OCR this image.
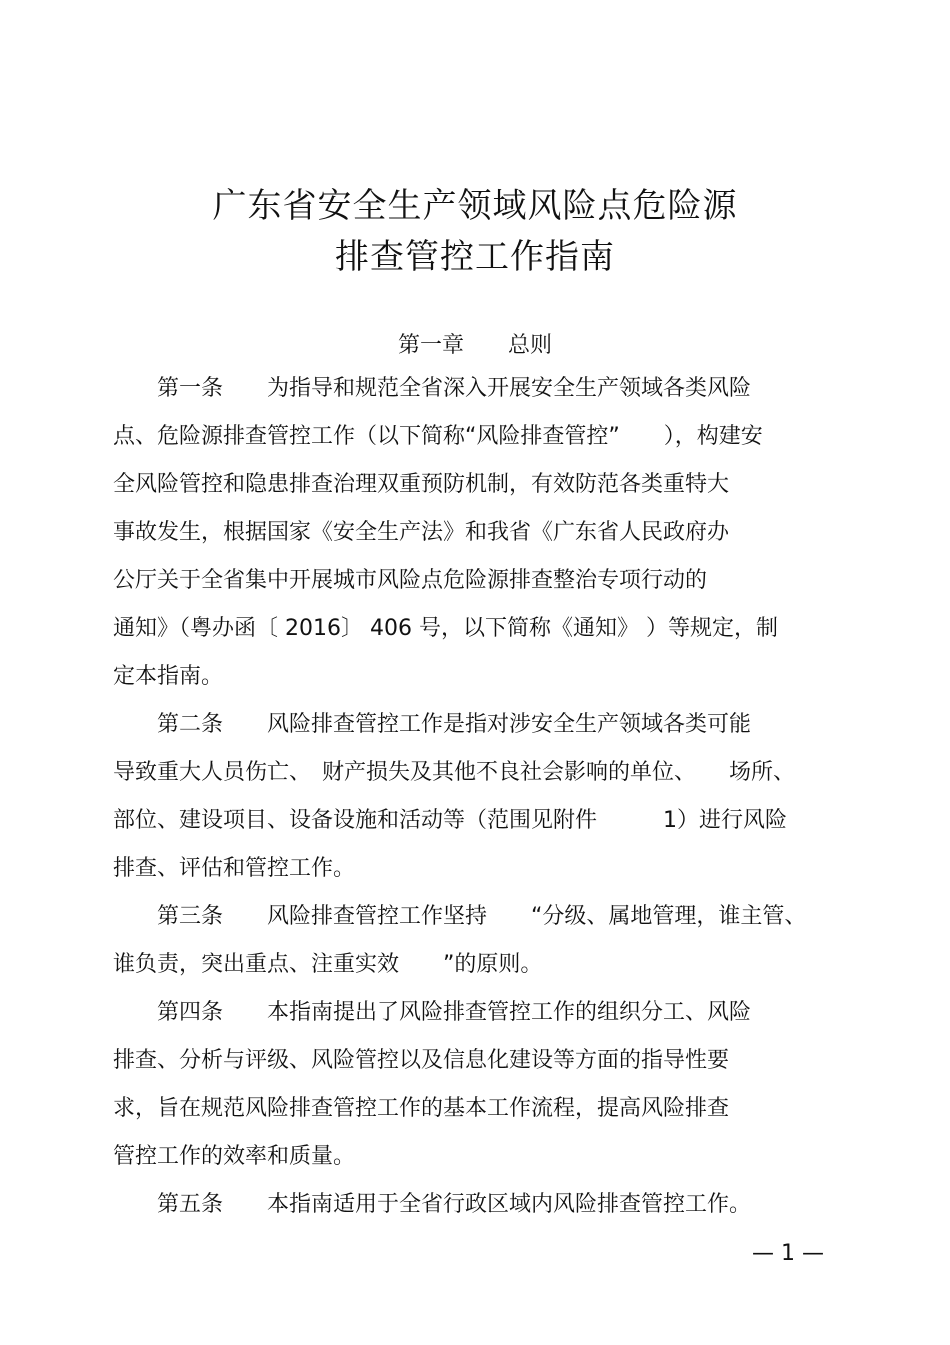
广东省安全生产领域风险点危险源
排查管控工作指南
第一章　　总则
　　第一条　　为指导和规范全省深入开展安全生产领域各类风险
点、危险源排查管控工作（以下简称“风险排查管控”　　），构建安
全风险管控和隐患排查治理双重预防机制，有效防范各类重特大
事故发生，根据国家《安全生产法》和我省《广东省人民政府办
公厅关于全省集中开展城市风险点危险源排查整治专项行动的
通知》（粤办函〔 2016〕 406 号，以下简称《通知》 ）等规定，制
定本指南。
　　第二条　　风险排查管控工作是指对涉安全生产领域各类可能
导致重大人员伤亡、　财产损失及其他不良社会影响的单位、　　场所、
部位、建设项目、设备设施和活动等（范围见附件　　　1）进行风险
排查、评估和管控工作。
　　第三条　　风险排查管控工作坚持　　“分级、属地管理，谁主管、
谁负责，突出重点、注重实效　　”的原则。
　　第四条　　本指南提出了风险排查管控工作的组织分工、风险
排查、分析与评级、风险管控以及信息化建设等方面的指导性要
求，旨在规范风险排查管控工作的基本工作流程，提高风险排查
管控工作的效率和质量。
　　第五条　　本指南适用于全省行政区域内风险排查管控工作。
— 1 —
